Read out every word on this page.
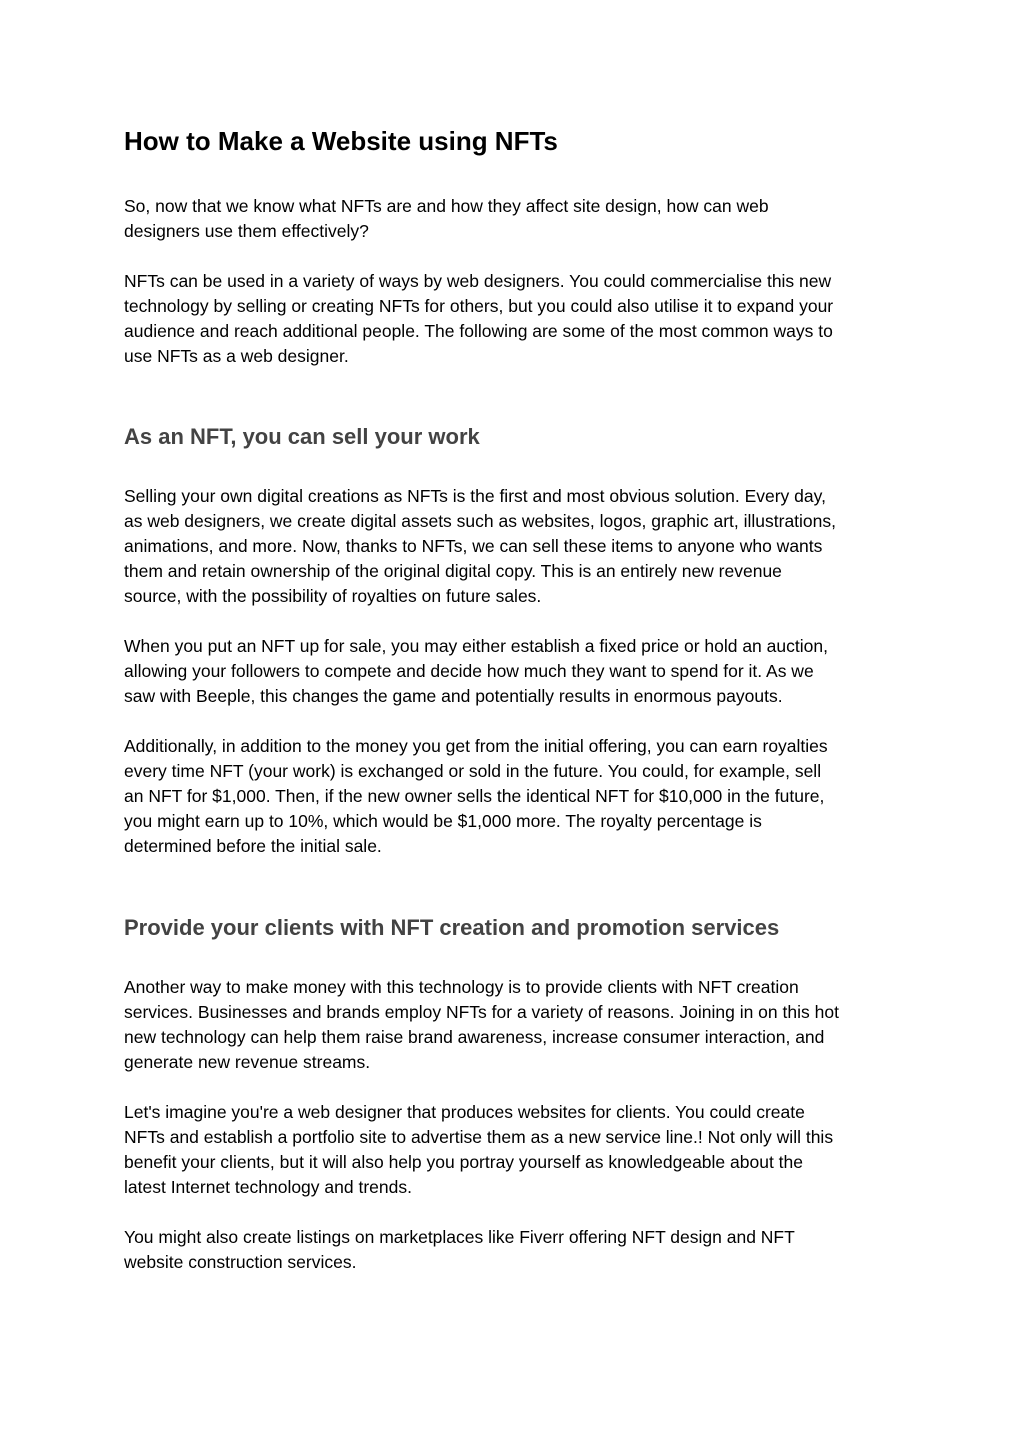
How to Make a Website using NFTs

So, now that we know what NFTs are and how they affect site design, how can web
designers use them effectively?

NFTs can be used in a variety of ways by web designers. You could commercialise this new
technology by selling or creating NFTs for others, but you could also utilise it to expand your
audience and reach additional people. The following are some of the most common ways to
use NFTs as a web designer.

As an NFT, you can sell your work

Selling your own digital creations as NFTs is the first and most obvious solution. Every day,
as web designers, we create digital assets such as websites, logos, graphic art, illustrations,
animations, and more. Now, thanks to NFTs, we can sell these items to anyone who wants
them and retain ownership of the original digital copy. This is an entirely new revenue
source, with the possibility of royalties on future sales.

When you put an NFT up for sale, you may either establish a fixed price or hold an auction,
allowing your followers to compete and decide how much they want to spend for it. As we
saw with Beeple, this changes the game and potentially results in enormous payouts.

Additionally, in addition to the money you get from the initial offering, you can earn royalties
every time NFT (your work) is exchanged or sold in the future. You could, for example, sell
an NFT for $1,000. Then, if the new owner sells the identical NFT for $10,000 in the future,
you might earn up to 10%, which would be $1,000 more. The royalty percentage is
determined before the initial sale.

Provide your clients with NFT creation and promotion services

Another way to make money with this technology is to provide clients with NFT creation
services. Businesses and brands employ NFTs for a variety of reasons. Joining in on this hot
new technology can help them raise brand awareness, increase consumer interaction, and
generate new revenue streams.

Let's imagine you're a web designer that produces websites for clients. You could create
NFTs and establish a portfolio site to advertise them as a new service line.! Not only will this
benefit your clients, but it will also help you portray yourself as knowledgeable about the
latest Internet technology and trends.

You might also create listings on marketplaces like Fiverr offering NFT design and NFT
website construction services.
